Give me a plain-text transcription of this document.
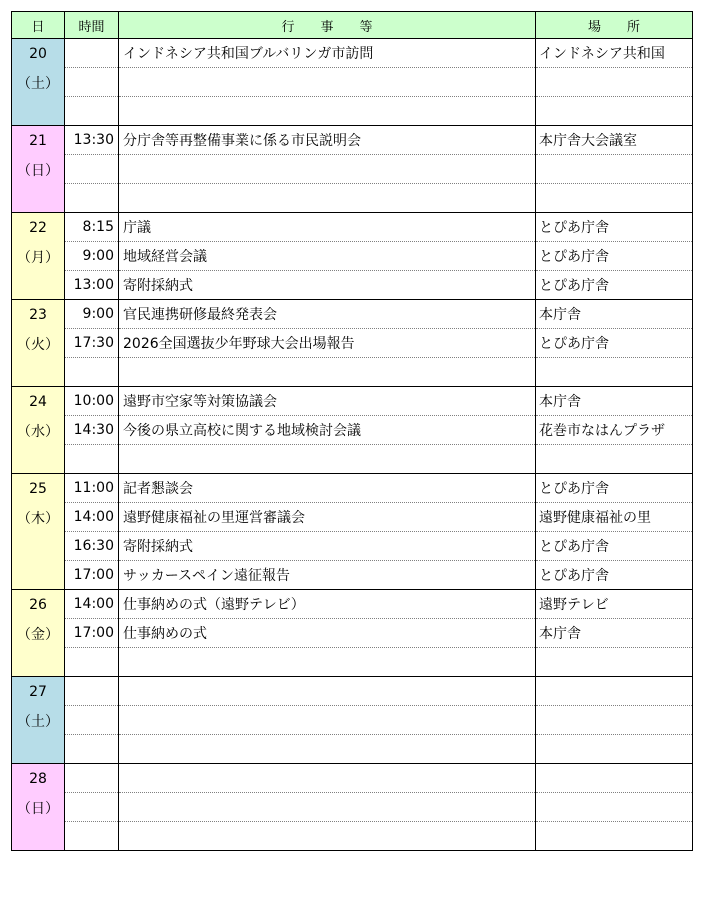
日	時間	行　　事　　等	場　　所

20
（土）		インドネシア共和国ブルバリンガ市訪問	インドネシア共和国

21
（日）	13:30	分庁舎等再整備事業に係る市民説明会	本庁舎大会議室

22
（月）	8:15	庁議	とぴあ庁舎
	9:00	地域経営会議	とぴあ庁舎
	13:00	寄附採納式	とぴあ庁舎

23
（火）	9:00	官民連携研修最終発表会	本庁舎
	17:30	2026全国選抜少年野球大会出場報告	とぴあ庁舎

24
（水）	10:00	遠野市空家等対策協議会	本庁舎
	14:30	今後の県立高校に関する地域検討会議	花巻市なはんプラザ

25
（木）	11:00	記者懇談会	とぴあ庁舎
	14:00	遠野健康福祉の里運営審議会	遠野健康福祉の里
	16:30	寄附採納式	とぴあ庁舎
	17:00	サッカースペイン遠征報告	とぴあ庁舎

26
（金）	14:00	仕事納めの式（遠野テレビ）	遠野テレビ
	17:00	仕事納めの式	本庁舎

27
（土）			

28
（日）			
